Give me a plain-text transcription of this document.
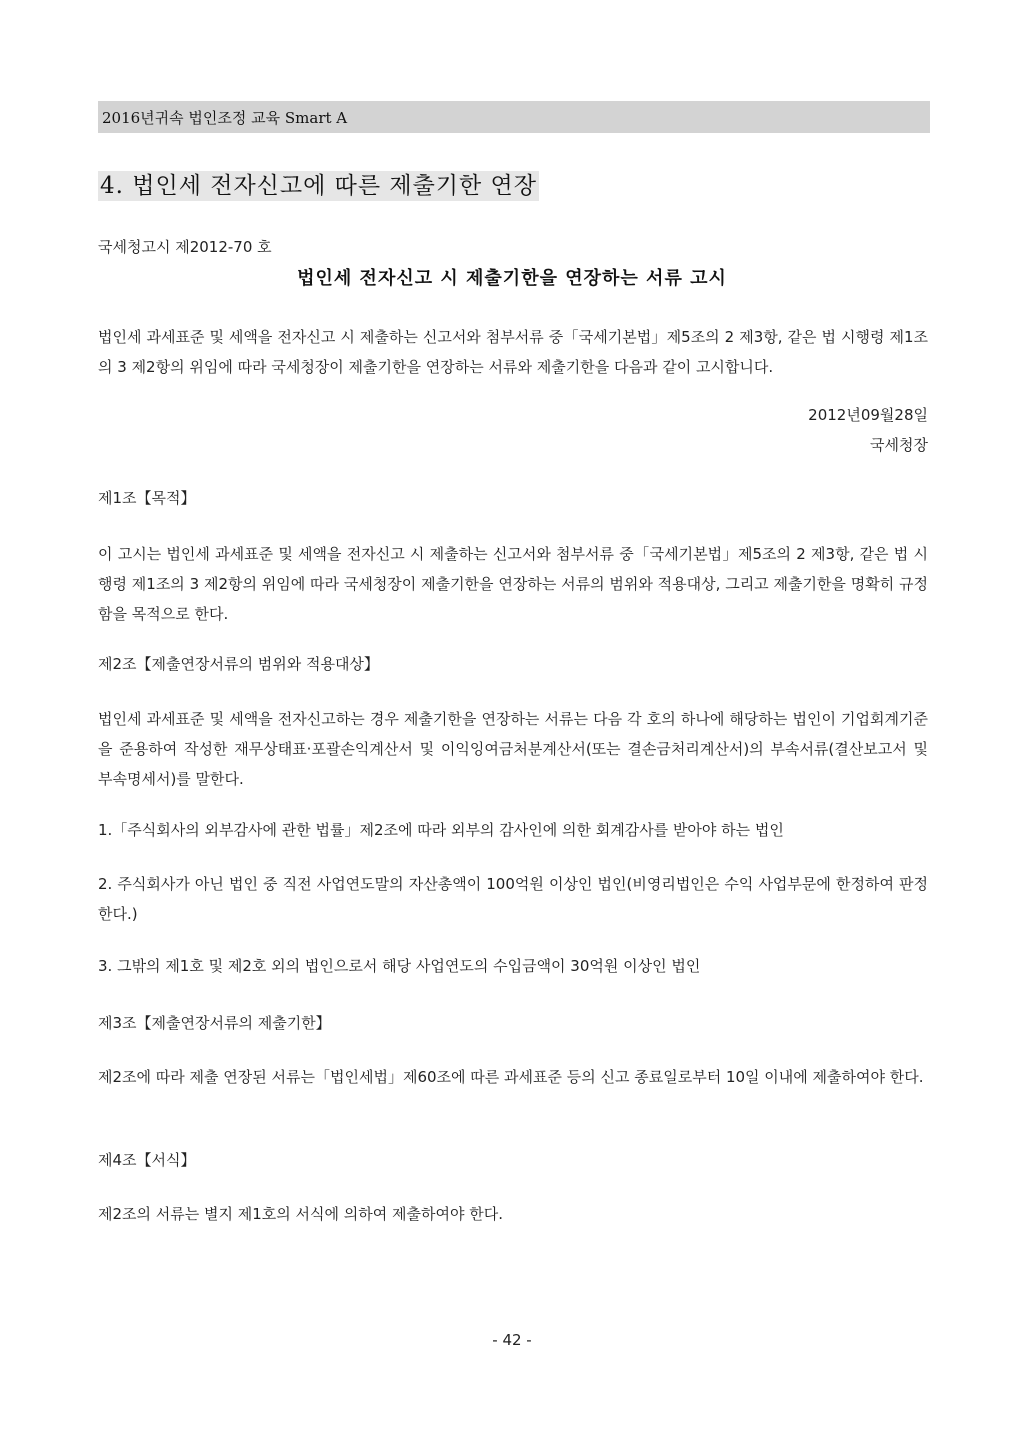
2016년귀속 법인조정 교육 Smart A
4. 법인세 전자신고에 따른 제출기한 연장
국세청고시 제2012-70 호
법인세 전자신고 시 제출기한을 연장하는 서류 고시

법인세 과세표준 및 세액을 전자신고 시 제출하는 신고서와 첨부서류 중「국세기본법」제5조의 2 제3항, 같은 법 시행령 제1조의 3 제2항의 위임에 따라 국세청장이 제출기한을 연장하는 서류와 제출기한을 다음과 같이 고시합니다.

2012년09월28일
국세청장
제1조【목적】

이 고시는 법인세 과세표준 및 세액을 전자신고 시 제출하는 신고서와 첨부서류 중「국세기본법」제5조의 2 제3항, 같은 법 시행령 제1조의 3 제2항의 위임에 따라 국세청장이 제출기한을 연장하는 서류의 범위와 적용대상, 그리고 제출기한을 명확히 규정함을 목적으로 한다.

제2조【제출연장서류의 범위와 적용대상】

법인세 과세표준 및 세액을 전자신고하는 경우 제출기한을 연장하는 서류는 다음 각 호의 하나에 해당하는 법인이 기업회계기준을 준용하여 작성한 재무상태표·포괄손익계산서 및 이익잉여금처분계산서(또는 결손금처리계산서)의 부속서류(결산보고서 및 부속명세서)를 말한다.

1.「주식회사의 외부감사에 관한 법률」제2조에 따라 외부의 감사인에 의한 회계감사를 받아야 하는 법인

2. 주식회사가 아닌 법인 중 직전 사업연도말의 자산총액이 100억원 이상인 법인(비영리법인은 수익 사업부문에 한정하여 판정한다.)

3. 그밖의 제1호 및 제2호 외의 법인으로서 해당 사업연도의 수입금액이 30억원 이상인 법인

제3조【제출연장서류의 제출기한】

제2조에 따라 제출 연장된 서류는「법인세법」제60조에 따른 과세표준 등의 신고 종료일로부터 10일 이내에 제출하여야 한다.

제4조【서식】

제2조의 서류는 별지 제1호의 서식에 의하여 제출하여야 한다.

- 42 -
